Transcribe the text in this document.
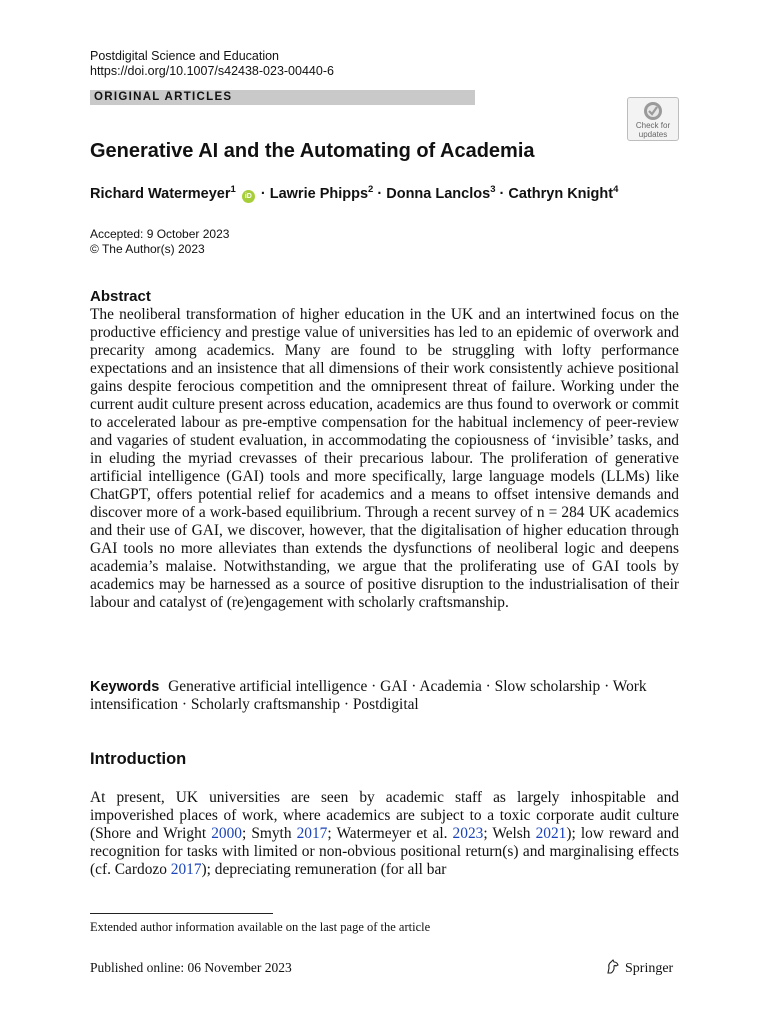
Postdigital Science and Education
https://doi.org/10.1007/s42438-023-00440-6
ORIGINAL ARTICLES
Check for
updates
Generative AI and the Automating of Academia
Richard Watermeyer$^1$ iD · Lawrie Phipps$^2$ · Donna Lanclos$^3$ · Cathryn Knight$^4$
Accepted: 9 October 2023
© The Author(s) 2023
Abstract
The neoliberal transformation of higher education in the UK and an intertwined focus on the productive efficiency and prestige value of universities has led to an epidemic of overwork and precarity among academics. Many are found to be struggling with lofty performance expectations and an insistence that all dimensions of their work consistently achieve positional gains despite ferocious competition and the omnipresent threat of failure. Working under the current audit culture present across education, academics are thus found to overwork or commit to accelerated labour as pre-emptive compensation for the habitual inclemency of peer-review and vagaries of student evaluation, in accommodating the copiousness of ‘invisible’ tasks, and in eluding the myriad crevasses of their precarious labour. The proliferation of generative artificial intelligence (GAI) tools and more specifically, large language models (LLMs) like ChatGPT, offers potential relief for academics and a means to offset intensive demands and discover more of a work-based equilibrium. Through a recent survey of n = 284 UK academics and their use of GAI, we discover, however, that the digitalisation of higher education through GAI tools no more alleviates than extends the dysfunctions of neoliberal logic and deepens academia’s malaise. Notwithstanding, we argue that the proliferating use of GAI tools by academics may be harnessed as a source of positive disruption to the industrialisation of their labour and catalyst of (re)engagement with scholarly craftsmanship.
Keywords Generative artificial intelligence · GAI · Academia · Slow scholarship · Work intensification · Scholarly craftsmanship · Postdigital
Introduction
At present, UK universities are seen by academic staff as largely inhospitable and impoverished places of work, where academics are subject to a toxic corporate audit culture (Shore and Wright 2000; Smyth 2017; Watermeyer et al. 2023; Welsh 2021); low reward and recognition for tasks with limited or non-obvious positional return(s) and marginalising effects (cf. Cardozo 2017); depreciating remuneration (for all bar
Extended author information available on the last page of the article
Published online: 06 November 2023	Springer
